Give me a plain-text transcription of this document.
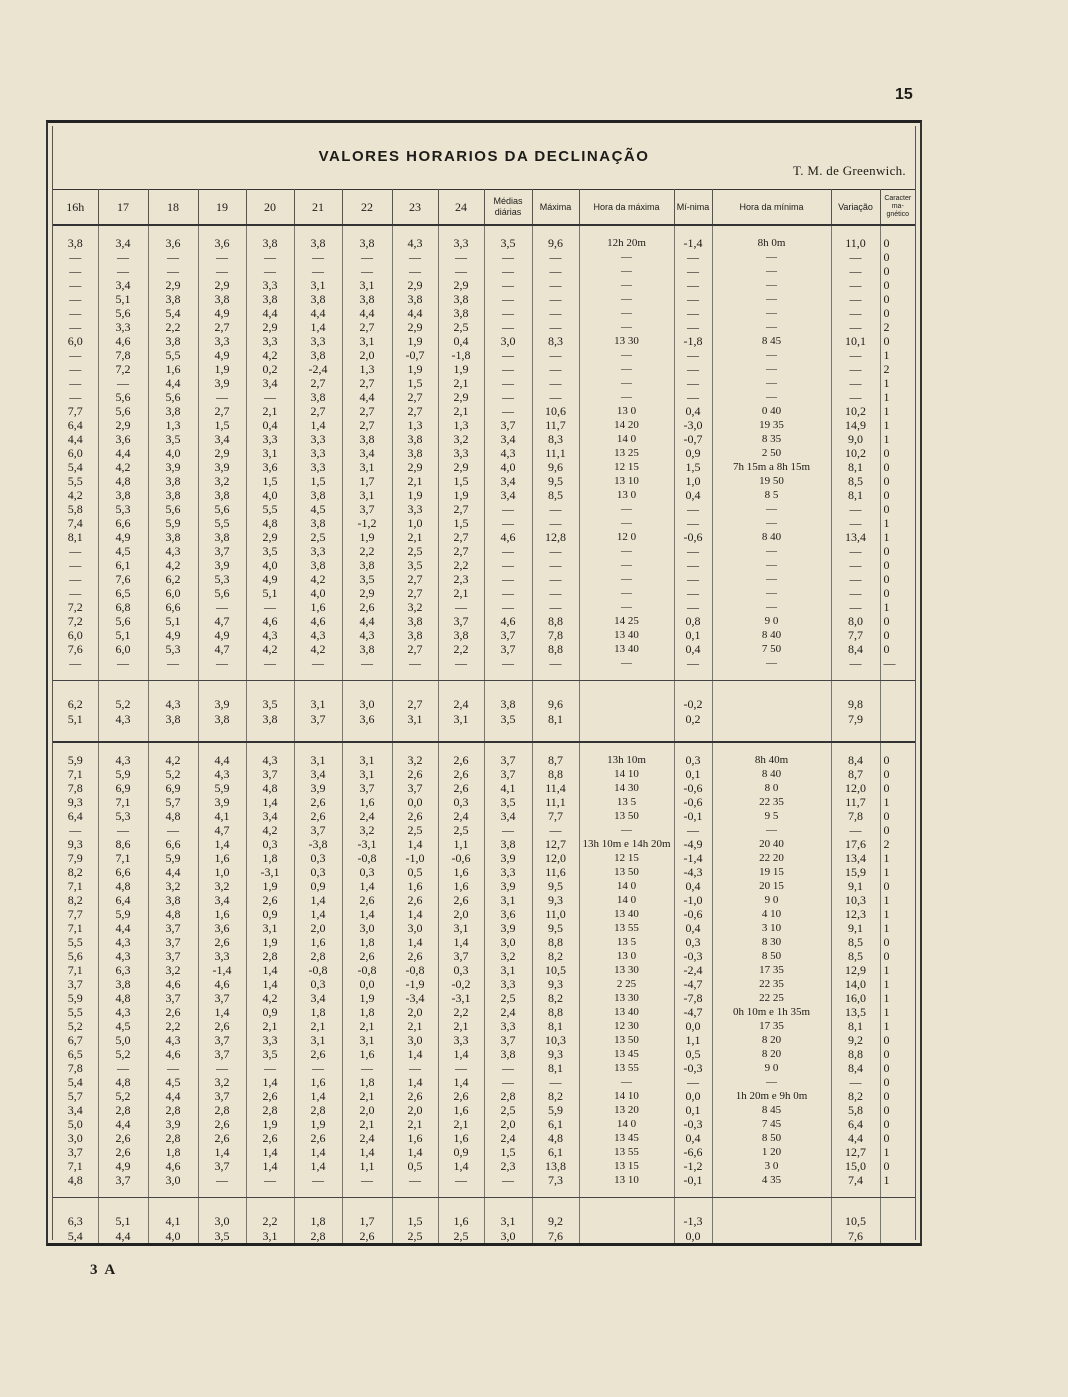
15
VALORES HORARIOS DA DECLINAÇÃO
T. M. de Greenwich.
16h	17	18	19	20	21	22	23	24	Médias diárias	Máxima	Hora da máxima	Mí-nima	Hora da mínima	Variação	Caracter ma-gnético

3,8	3,4	3,6	3,6	3,8	3,8	3,8	4,3	3,3	3,5	9,6	12h 20m	-1,4	8h 0m	11,0	0
—	—	—	—	—	—	—	—	—	—	—	—	—	—	—	0
—	—	—	—	—	—	—	—	—	—	—	—	—	—	—	0
—	3,4	2,9	2,9	3,3	3,1	3,1	2,9	2,9	—	—	—	—	—	—	0
—	5,1	3,8	3,8	3,8	3,8	3,8	3,8	3,8	—	—	—	—	—	—	0
—	5,6	5,4	4,9	4,4	4,4	4,4	4,4	3,8	—	—	—	—	—	—	0
—	3,3	2,2	2,7	2,9	1,4	2,7	2,9	2,5	—	—	—	—	—	—	2
6,0	4,6	3,8	3,3	3,3	3,3	3,1	1,9	0,4	3,0	8,3	13 30	-1,8	8 45	10,1	0
—	7,8	5,5	4,9	4,2	3,8	2,0	-0,7	-1,8	—	—	—	—	—	—	1
—	7,2	1,6	1,9	0,2	-2,4	1,3	1,9	1,9	—	—	—	—	—	—	2
—	—	4,4	3,9	3,4	2,7	2,7	1,5	2,1	—	—	—	—	—	—	1
—	5,6	5,6	—	—	3,8	4,4	2,7	2,9	—	—	—	—	—	—	1
7,7	5,6	3,8	2,7	2,1	2,7	2,7	2,7	2,1	—	10,6	13 0	0,4	0 40	10,2	1
6,4	2,9	1,3	1,5	0,4	1,4	2,7	1,3	1,3	3,7	11,7	14 20	-3,0	19 35	14,9	1
4,4	3,6	3,5	3,4	3,3	3,3	3,8	3,8	3,2	3,4	8,3	14 0	-0,7	8 35	9,0	1
6,0	4,4	4,0	2,9	3,1	3,3	3,4	3,8	3,3	4,3	11,1	13 25	0,9	2 50	10,2	0
5,4	4,2	3,9	3,9	3,6	3,3	3,1	2,9	2,9	4,0	9,6	12 15	1,5	7h 15m a 8h 15m	8,1	0
5,5	4,8	3,8	3,2	1,5	1,5	1,7	2,1	1,5	3,4	9,5	13 10	1,0	19 50	8,5	0
4,2	3,8	3,8	3,8	4,0	3,8	3,1	1,9	1,9	3,4	8,5	13 0	0,4	8 5	8,1	0
5,8	5,3	5,6	5,6	5,5	4,5	3,7	3,3	2,7	—	—	—	—	—	—	0
7,4	6,6	5,9	5,5	4,8	3,8	-1,2	1,0	1,5	—	—	—	—	—	—	1
8,1	4,9	3,8	3,8	2,9	2,5	1,9	2,1	2,7	4,6	12,8	12 0	-0,6	8 40	13,4	1
—	4,5	4,3	3,7	3,5	3,3	2,2	2,5	2,7	—	—	—	—	—	—	0
—	6,1	4,2	3,9	4,0	3,8	3,8	3,5	2,2	—	—	—	—	—	—	0
—	7,6	6,2	5,3	4,9	4,2	3,5	2,7	2,3	—	—	—	—	—	—	0
—	6,5	6,0	5,6	5,1	4,0	2,9	2,7	2,1	—	—	—	—	—	—	0
7,2	6,8	6,6	—	—	1,6	2,6	3,2	—	—	—	—	—	—	—	1
7,2	5,6	5,1	4,7	4,6	4,6	4,4	3,8	3,7	4,6	8,8	14 25	0,8	9 0	8,0	0
6,0	5,1	4,9	4,9	4,3	4,3	4,3	3,8	3,8	3,7	7,8	13 40	0,1	8 40	7,7	0
7,6	6,0	5,3	4,7	4,2	4,2	3,8	2,7	2,2	3,7	8,8	13 40	0,4	7 50	8,4	0
—	—	—	—	—	—	—	—	—	—	—	—	—	—	—	—

6,2	5,2	4,3	3,9	3,5	3,1	3,0	2,7	2,4	3,8	9,6		-0,2		9,8	
5,1	4,3	3,8	3,8	3,8	3,7	3,6	3,1	3,1	3,5	8,1		0,2		7,9	

5,9	4,3	4,2	4,4	4,3	3,1	3,1	3,2	2,6	3,7	8,7	13h 10m	0,3	8h 40m	8,4	0
7,1	5,9	5,2	4,3	3,7	3,4	3,1	2,6	2,6	3,7	8,8	14 10	0,1	8 40	8,7	0
7,8	6,9	6,9	5,9	4,8	3,9	3,7	3,7	2,6	4,1	11,4	14 30	-0,6	8 0	12,0	0
9,3	7,1	5,7	3,9	1,4	2,6	1,6	0,0	0,3	3,5	11,1	13 5	-0,6	22 35	11,7	1
6,4	5,3	4,8	4,1	3,4	2,6	2,4	2,6	2,4	3,4	7,7	13 50	-0,1	9 5	7,8	0
—	—	—	4,7	4,2	3,7	3,2	2,5	2,5	—	—	—	—	—	—	0
9,3	8,6	6,6	1,4	0,3	-3,8	-3,1	1,4	1,1	3,8	12,7	13h 10m e 14h 20m	-4,9	20 40	17,6	2
7,9	7,1	5,9	1,6	1,8	0,3	-0,8	-1,0	-0,6	3,9	12,0	12 15	-1,4	22 20	13,4	1
8,2	6,6	4,4	1,0	-3,1	0,3	0,3	0,5	1,6	3,3	11,6	13 50	-4,3	19 15	15,9	1
7,1	4,8	3,2	3,2	1,9	0,9	1,4	1,6	1,6	3,9	9,5	14 0	0,4	20 15	9,1	0
8,2	6,4	3,8	3,4	2,6	1,4	2,6	2,6	2,6	3,1	9,3	14 0	-1,0	9 0	10,3	1
7,7	5,9	4,8	1,6	0,9	1,4	1,4	1,4	2,0	3,6	11,0	13 40	-0,6	4 10	12,3	1
7,1	4,4	3,7	3,6	3,1	2,0	3,0	3,0	3,1	3,9	9,5	13 55	0,4	3 10	9,1	1
5,5	4,3	3,7	2,6	1,9	1,6	1,8	1,4	1,4	3,0	8,8	13 5	0,3	8 30	8,5	0
5,6	4,3	3,7	3,3	2,8	2,8	2,6	2,6	3,7	3,2	8,2	13 0	-0,3	8 50	8,5	0
7,1	6,3	3,2	-1,4	1,4	-0,8	-0,8	-0,8	0,3	3,1	10,5	13 30	-2,4	17 35	12,9	1
3,7	3,8	4,6	4,6	1,4	0,3	0,0	-1,9	-0,2	3,3	9,3	2 25	-4,7	22 35	14,0	1
5,9	4,8	3,7	3,7	4,2	3,4	1,9	-3,4	-3,1	2,5	8,2	13 30	-7,8	22 25	16,0	1
5,5	4,3	2,6	1,4	0,9	1,8	1,8	2,0	2,2	2,4	8,8	13 40	-4,7	0h 10m e 1h 35m	13,5	1
5,2	4,5	2,2	2,6	2,1	2,1	2,1	2,1	2,1	3,3	8,1	12 30	0,0	17 35	8,1	1
6,7	5,0	4,3	3,7	3,3	3,1	3,1	3,0	3,3	3,7	10,3	13 50	1,1	8 20	9,2	0
6,5	5,2	4,6	3,7	3,5	2,6	1,6	1,4	1,4	3,8	9,3	13 45	0,5	8 20	8,8	0
7,8	—	—	—	—	—	—	—	—	—	8,1	13 55	-0,3	9 0	8,4	0
5,4	4,8	4,5	3,2	1,4	1,6	1,8	1,4	1,4	—	—	—	—	—	—	0
5,7	5,2	4,4	3,7	2,6	1,4	2,1	2,6	2,6	2,8	8,2	14 10	0,0	1h 20m e 9h 0m	8,2	0
3,4	2,8	2,8	2,8	2,8	2,8	2,0	2,0	1,6	2,5	5,9	13 20	0,1	8 45	5,8	0
5,0	4,4	3,9	2,6	1,9	1,9	2,1	2,1	2,1	2,0	6,1	14 0	-0,3	7 45	6,4	0
3,0	2,6	2,8	2,6	2,6	2,6	2,4	1,6	1,6	2,4	4,8	13 45	0,4	8 50	4,4	0
3,7	2,6	1,8	1,4	1,4	1,4	1,4	1,4	0,9	1,5	6,1	13 55	-6,6	1 20	12,7	1
7,1	4,9	4,6	3,7	1,4	1,4	1,1	0,5	1,4	2,3	13,8	13 15	-1,2	3 0	15,0	0
4,8	3,7	3,0	—	—	—	—	—	—	—	7,3	13 10	-0,1	4 35	7,4	1

6,3	5,1	4,1	3,0	2,2	1,8	1,7	1,5	1,6	3,1	9,2		-1,3		10,5	
5,4	4,4	4,0	3,5	3,1	2,8	2,6	2,5	2,5	3,0	7,6		0,0		7,6	
3 A
